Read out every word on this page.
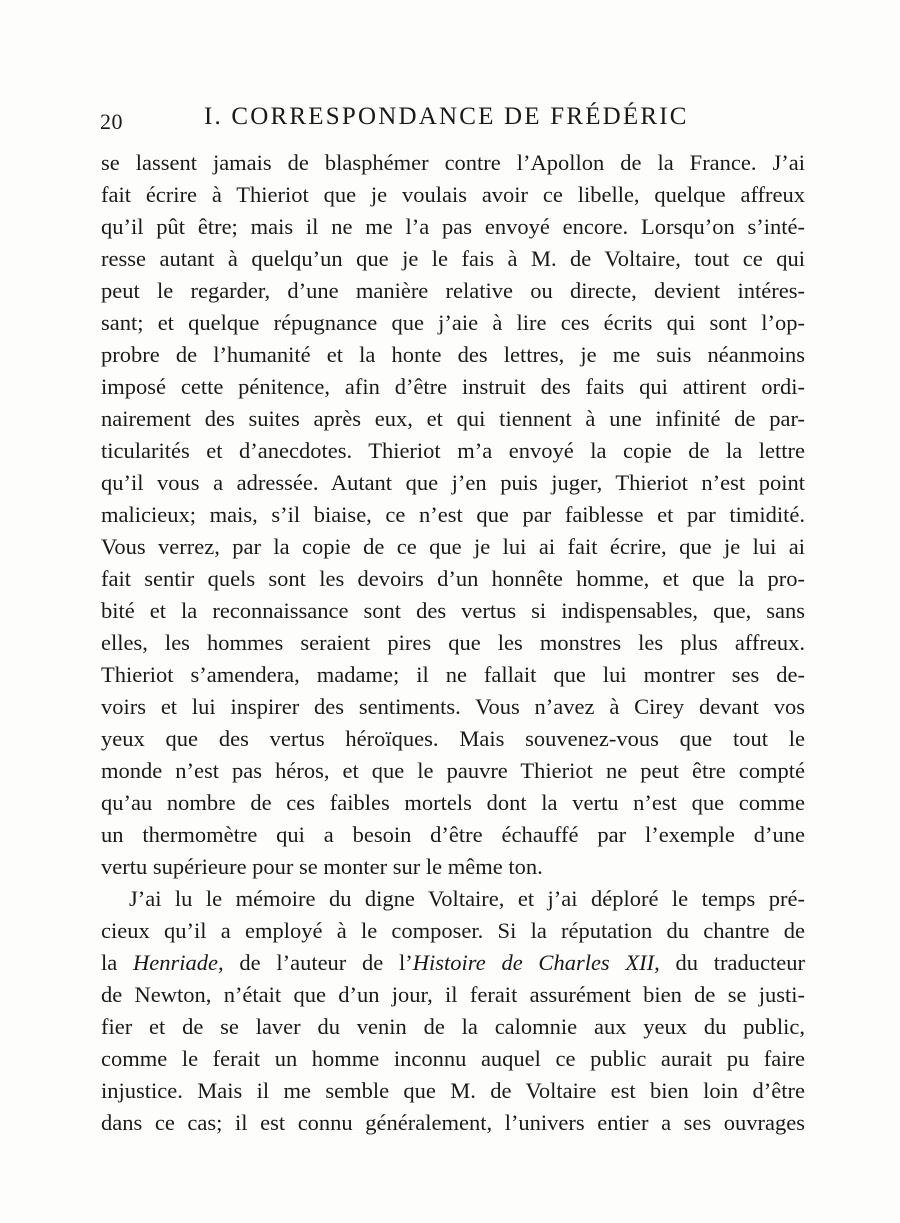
20	I. CORRESPONDANCE DE FRÉDÉRIC
se lassent jamais de blasphémer contre l’Apollon de la France. J’ai
fait écrire à Thieriot que je voulais avoir ce libelle, quelque affreux
qu’il pût être; mais il ne me l’a pas envoyé encore. Lorsqu’on s’inté-
resse autant à quelqu’un que je le fais à M. de Voltaire, tout ce qui
peut le regarder, d’une manière relative ou directe, devient intéres-
sant; et quelque répugnance que j’aie à lire ces écrits qui sont l’op-
probre de l’humanité et la honte des lettres, je me suis néanmoins
imposé cette pénitence, afin d’être instruit des faits qui attirent ordi-
nairement des suites après eux, et qui tiennent à une infinité de par-
ticularités et d’anecdotes. Thieriot m’a envoyé la copie de la lettre
qu’il vous a adressée. Autant que j’en puis juger, Thieriot n’est point
malicieux; mais, s’il biaise, ce n’est que par faiblesse et par timidité.
Vous verrez, par la copie de ce que je lui ai fait écrire, que je lui ai
fait sentir quels sont les devoirs d’un honnête homme, et que la pro-
bité et la reconnaissance sont des vertus si indispensables, que, sans
elles, les hommes seraient pires que les monstres les plus affreux.
Thieriot s’amendera, madame; il ne fallait que lui montrer ses de-
voirs et lui inspirer des sentiments. Vous n’avez à Cirey devant vos
yeux que des vertus héroïques. Mais souvenez-vous que tout le
monde n’est pas héros, et que le pauvre Thieriot ne peut être compté
qu’au nombre de ces faibles mortels dont la vertu n’est que comme
un thermomètre qui a besoin d’être échauffé par l’exemple d’une
vertu supérieure pour se monter sur le même ton.
J’ai lu le mémoire du digne Voltaire, et j’ai déploré le temps pré-
cieux qu’il a employé à le composer. Si la réputation du chantre de
la Henriade, de l’auteur de l’Histoire de Charles XII, du traducteur
de Newton, n’était que d’un jour, il ferait assurément bien de se justi-
fier et de se laver du venin de la calomnie aux yeux du public,
comme le ferait un homme inconnu auquel ce public aurait pu faire
injustice. Mais il me semble que M. de Voltaire est bien loin d’être
dans ce cas; il est connu généralement, l’univers entier a ses ouvrages
